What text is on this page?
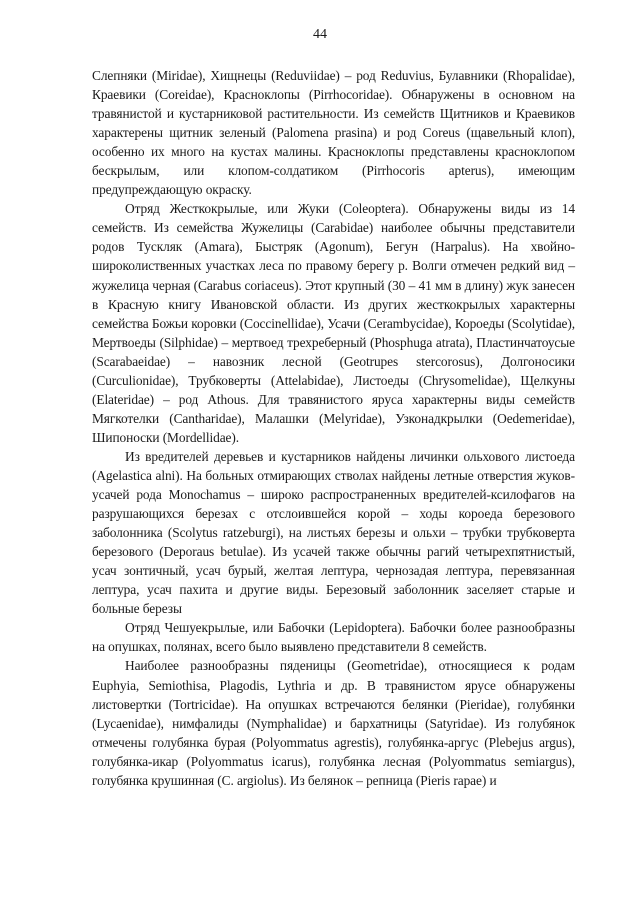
44

Слепняки (Miridae), Хищнецы (Reduviidae) – род Reduvius, Булавники (Rhopalidae), Краевики (Coreidae), Красноклопы (Pirrhocoridae). Обнаружены в основном на травянистой и кустарниковой растительности. Из семейств Щитников и Краевиков характерены щитник зеленый (Palomena prasina) и род Coreus (щавельный клоп), особенно их много на кустах малины. Красноклопы представлены красноклопом бескрылым, или клопом-солдатиком (Pirrhocoris apterus), имеющим предупреждающую окраску.

Отряд Жесткокрылые, или Жуки (Coleoptera). Обнаружены виды из 14 семейств. Из семейства Жужелицы (Carabidae) наиболее обычны представители родов Тускляк (Amara), Быстряк (Agonum), Бегун (Harpalus). На хвойно-широколиственных участках леса по правому берегу р. Волги отмечен редкий вид – жужелица черная (Carabus coriaceus). Этот крупный (30 – 41 мм в длину) жук занесен в Красную книгу Ивановской области. Из других жесткокрылых характерны семейства Божьи коровки (Coccinellidae), Усачи (Cerambycidae), Короеды (Scolytidae), Мертвоеды (Silphidae) – мертвоед трехреберный (Phosphuga atrata), Пластинчатоусые (Scarabaeidae) – навозник лесной (Geotrupes stercorosus), Долгоносики (Curculionidae), Трубковерты (Attelabidae), Листоеды (Chrysomelidae), Щелкуны (Elateridae) – род Athous. Для травянистого яруса характерны виды семейств Мягкотелки (Cantharidae), Малашки (Melyridae), Узконадкрылки (Oedemeridae), Шипоноски (Mordellidae).

Из вредителей деревьев и кустарников найдены личинки ольхового листоеда (Agelastica alni). На больных отмирающих стволах найдены летные отверстия жуков-усачей рода Monochamus – широко распространенных вредителей-ксилофагов на разрушающихся березах с отслоившейся корой – ходы короеда березового заболонника (Scolytus ratzeburgi), на листьях березы и ольхи – трубки трубковерта березового (Deporaus betulae). Из усачей также обычны рагий четырехпятнистый, усач зонтичный, усач бурый, желтая лептура, чернозадая лептура, перевязанная лептура, усач пахита и другие виды. Березовый заболонник заселяет старые и больные березы

Отряд Чешуекрылые, или Бабочки (Lepidoptera). Бабочки более разнообразны на опушках, полянах, всего было выявлено представители 8 семейств.

Наиболее разнообразны пяденицы (Geometridae), относящиеся к родам Euphyia, Semiothisa, Plagodis, Lythria и др. В травянистом ярусе обнаружены листовертки (Tortricidae). На опушках встречаются белянки (Pieridae), голубянки (Lycaenidae), нимфалиды (Nymphalidae) и бархатницы (Satyridae). Из голубянок отмечены голубянка бурая (Polyommatus agrestis), голубянка-аргус (Plebejus argus), голубянка-икар (Polyommatus icarus), голубянка лесная (Polyommatus semiargus), голубянка крушинная (C. argiolus). Из белянок – репница (Pieris rapae) и
